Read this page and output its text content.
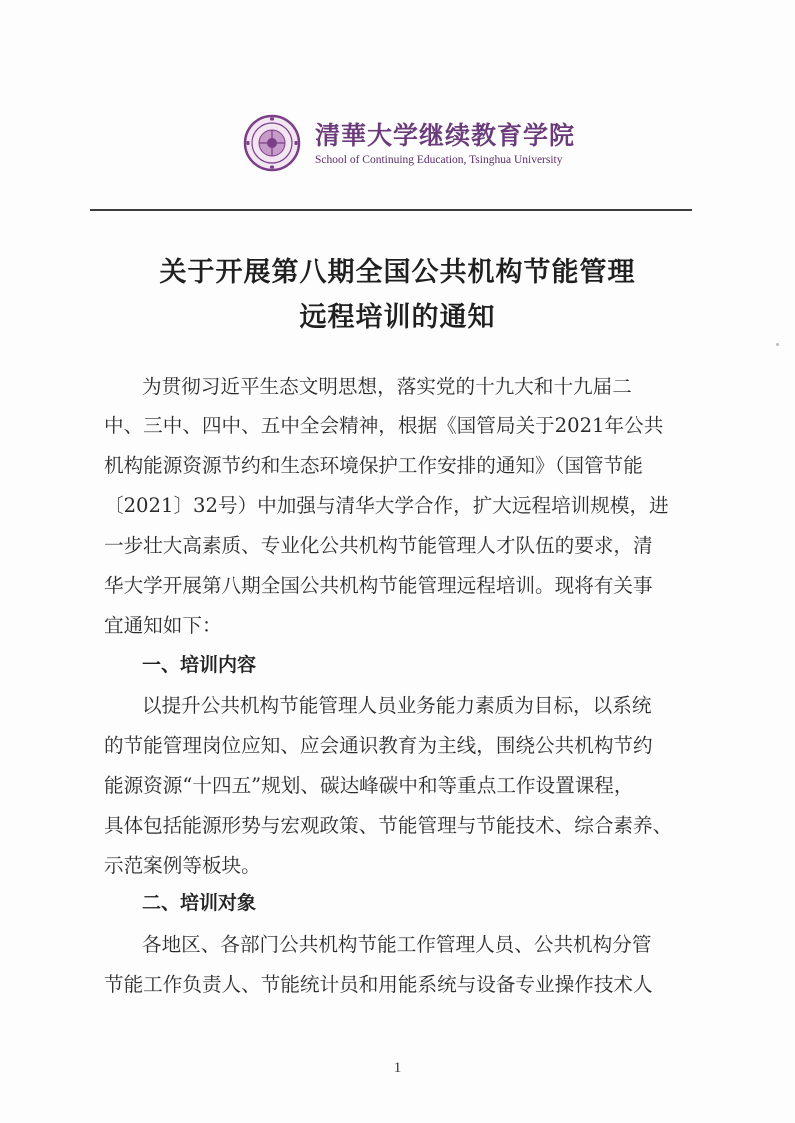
清華大学继续教育学院
School of Continuing Education, Tsinghua University
关于开展第八期全国公共机构节能管理
远程培训的通知
为贯彻习近平生态文明思想，落实党的十九大和十九届二
中、三中、四中、五中全会精神，根据《国管局关于2021年公共
机构能源资源节约和生态环境保护工作安排的通知》（国管节能
〔2021〕32号）中加强与清华大学合作，扩大远程培训规模，进
一步壮大高素质、专业化公共机构节能管理人才队伍的要求，清
华大学开展第八期全国公共机构节能管理远程培训。现将有关事
宜通知如下：
一、培训内容
以提升公共机构节能管理人员业务能力素质为目标，以系统
的节能管理岗位应知、应会通识教育为主线，围绕公共机构节约
能源资源“十四五”规划、碳达峰碳中和等重点工作设置课程，
具体包括能源形势与宏观政策、节能管理与节能技术、综合素养、
示范案例等板块。
二、培训对象
各地区、各部门公共机构节能工作管理人员、公共机构分管
节能工作负责人、节能统计员和用能系统与设备专业操作技术人
1
